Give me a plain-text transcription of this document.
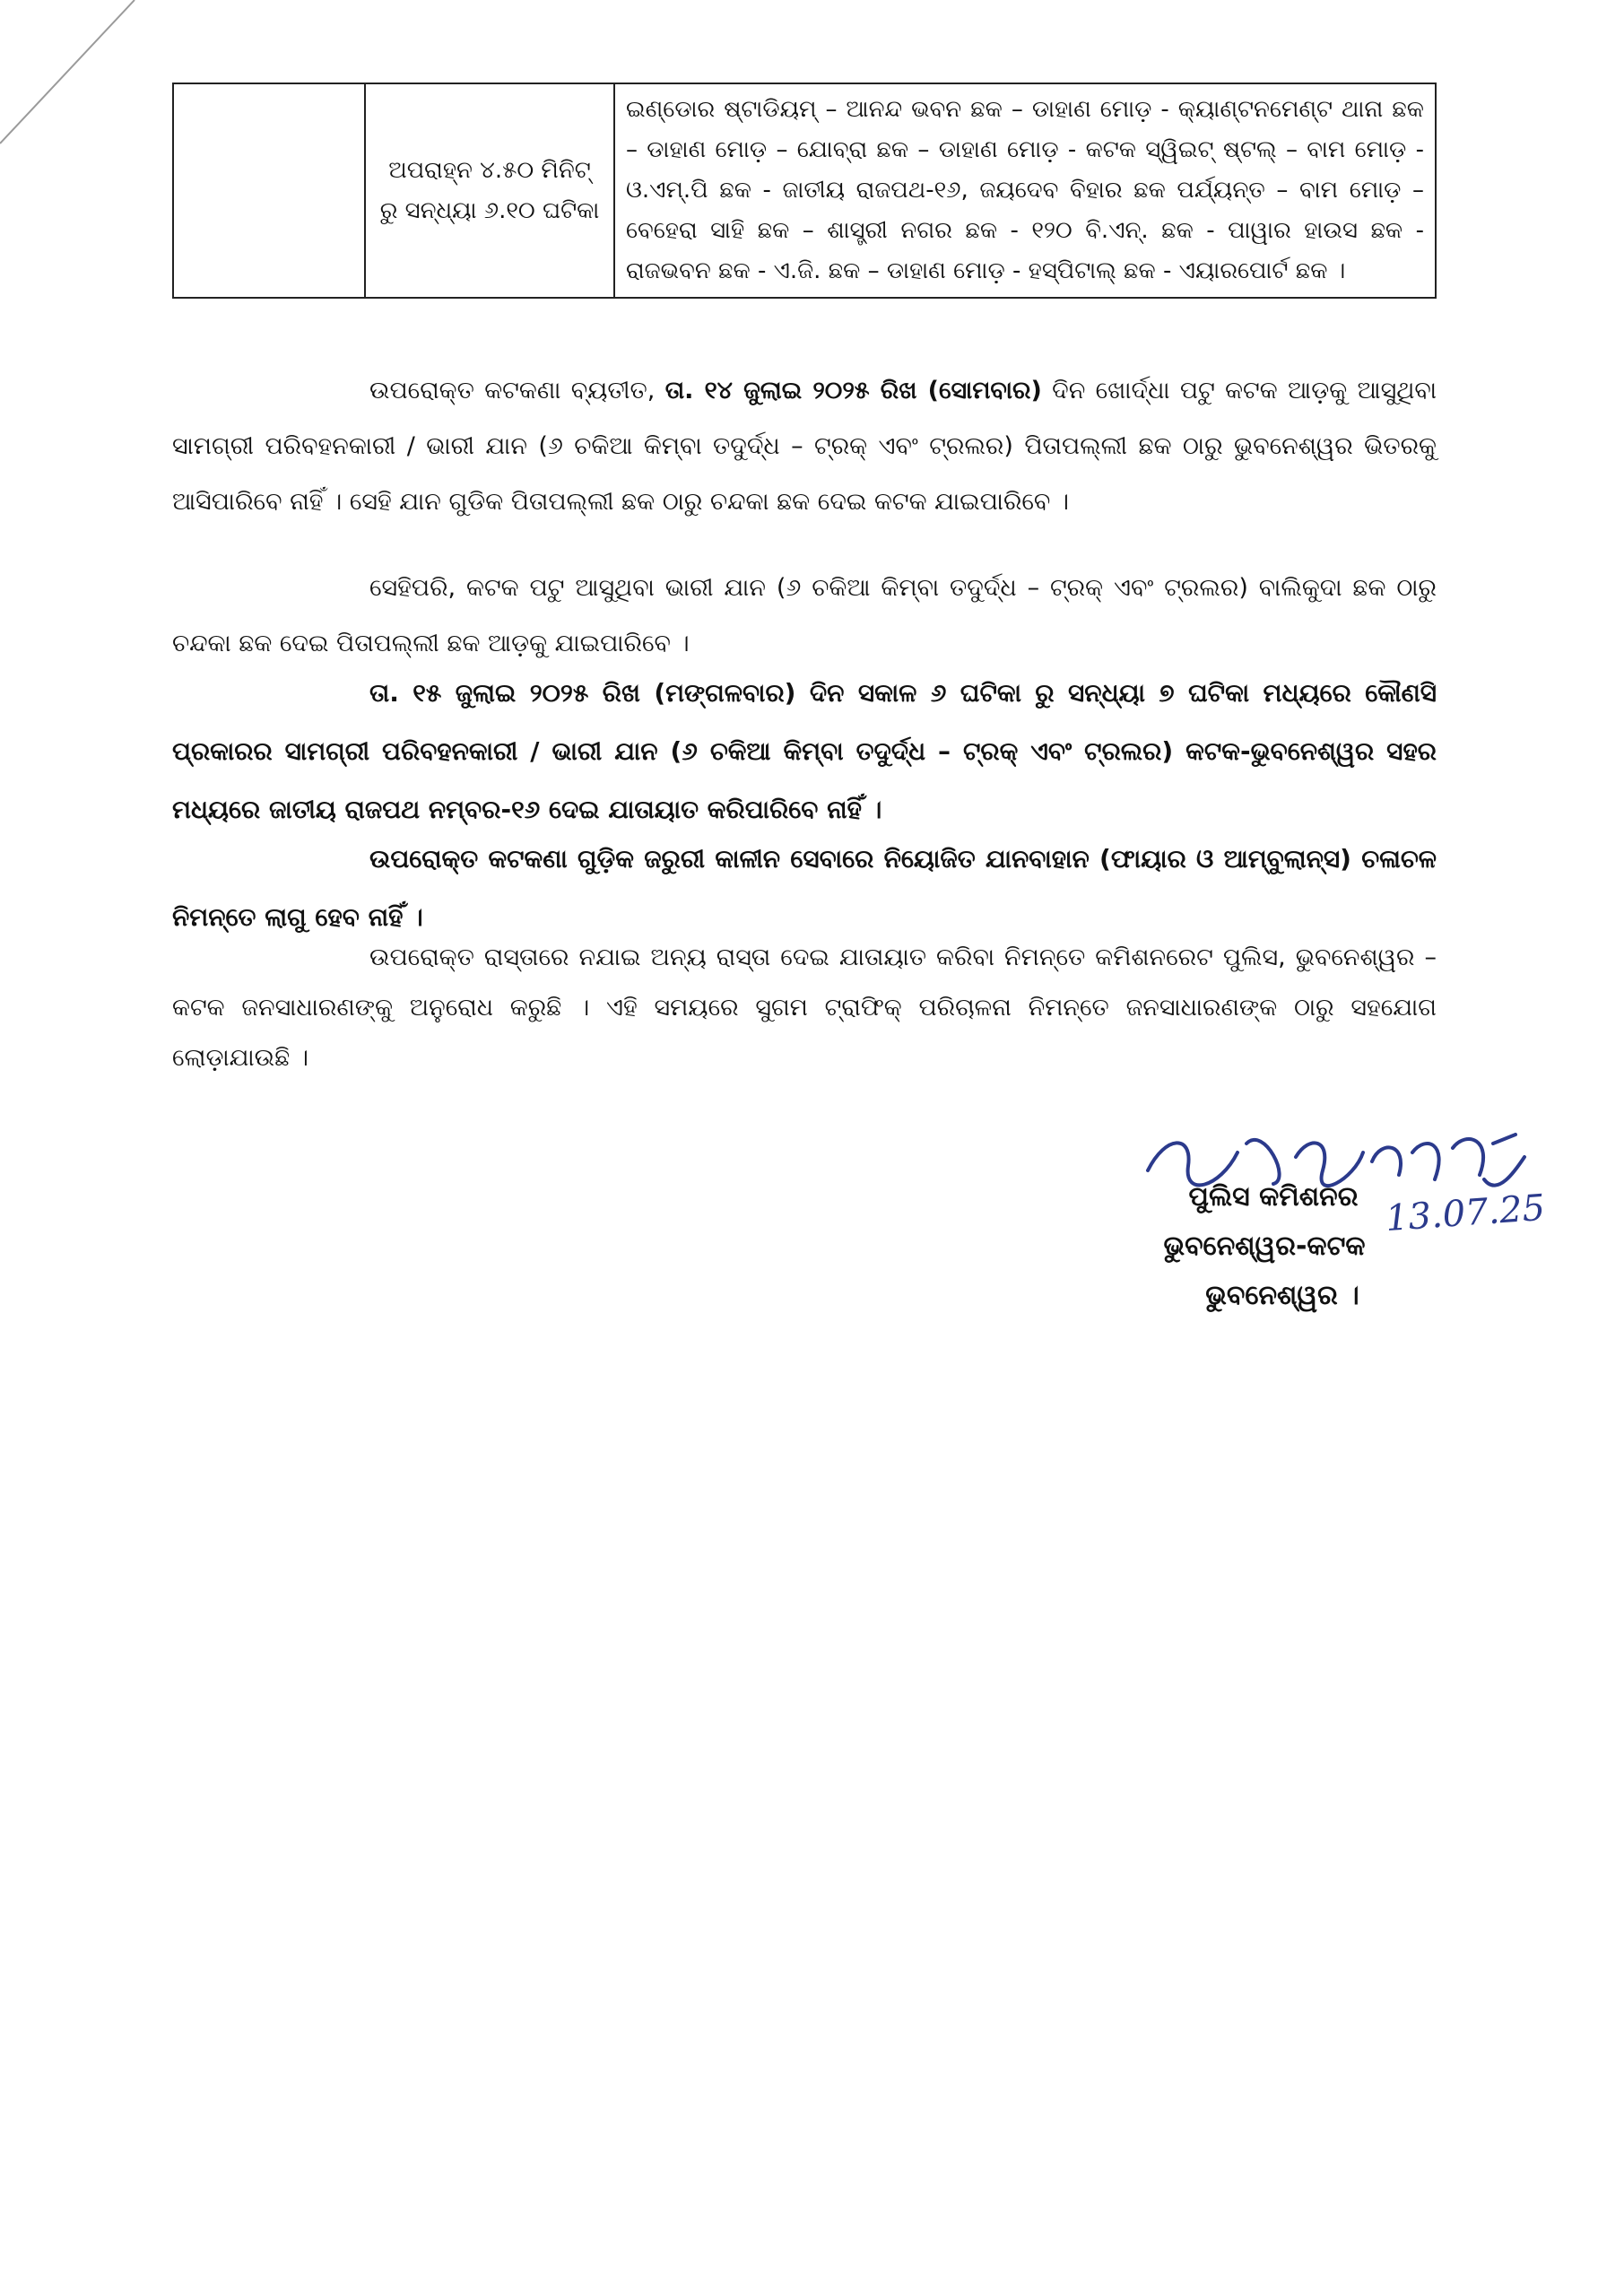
	ଅପରାହ୍ନ ୪.୫୦ ମିନିଟ୍ ରୁ ସନ୍ଧ୍ୟା ୬.୧୦ ଘଟିକା	ଇଣ୍ଡୋର ଷ୍ଟାଡିୟମ୍ – ଆନନ୍ଦ ଭବନ ଛକ – ଡାହାଣ ମୋଡ଼ - କ୍ୟାଣ୍ଟନମେଣ୍ଟ ଥାନା ଛକ – ଡାହାଣ ମୋଡ଼ – ଯୋବ୍ରା ଛକ – ଡାହାଣ ମୋଡ଼ - କଟକ ସ୍ୱିଇଟ୍ ଷ୍ଟଲ୍ – ବାମ ମୋଡ଼ - ଓ.ଏମ୍.ପି ଛକ - ଜାତୀୟ ରାଜପଥ-୧୬, ଜୟଦେବ ବିହାର ଛକ ପର୍ଯ୍ୟନ୍ତ – ବାମ ମୋଡ଼ – ବେହେରା ସାହି ଛକ – ଶାସ୍ତ୍ରୀ ନଗର ଛକ - ୧୨୦ ବି.ଏନ୍. ଛକ - ପାୱାର ହାଉସ ଛକ - ରାଜଭବନ ଛକ - ଏ.ଜି. ଛକ – ଡାହାଣ ମୋଡ଼ - ହସ୍ପିଟାଲ୍ ଛକ - ଏୟାରପୋର୍ଟ ଛକ ।

ଉପରୋକ୍ତ କଟକଣା ବ୍ୟତୀତ, ତା. ୧୪ ଜୁଲାଇ ୨୦୨୫ ରିଖ (ସୋମବାର) ଦିନ ଖୋର୍ଦ୍ଧା ପଟୁ କଟକ ଆଡ଼କୁ ଆସୁଥିବା ସାମଗ୍ରୀ ପରିବହନକାରୀ / ଭାରୀ ଯାନ (୬ ଚକିଆ କିମ୍ବା ତଦୁର୍ଦ୍ଧ – ଟ୍ରକ୍ ଏବଂ ଟ୍ରଲର) ପିତାପଲ୍ଲୀ ଛକ ଠାରୁ ଭୁବନେଶ୍ୱର ଭିତରକୁ ଆସିପାରିବେ ନାହିଁ । ସେହି ଯାନ ଗୁଡିକ ପିତାପଲ୍ଲୀ ଛକ ଠାରୁ ଚନ୍ଦକା ଛକ ଦେଇ କଟକ ଯାଇପାରିବେ ।

ସେହିପରି, କଟକ ପଟୁ ଆସୁଥିବା ଭାରୀ ଯାନ (୬ ଚକିଆ କିମ୍ବା ତଦୁର୍ଦ୍ଧ – ଟ୍ରକ୍ ଏବଂ ଟ୍ରଲର) ବାଲିକୁଦା ଛକ ଠାରୁ ଚନ୍ଦକା ଛକ ଦେଇ ପିତାପଲ୍ଲୀ ଛକ ଆଡ଼କୁ ଯାଇପାରିବେ ।

ତା. ୧୫ ଜୁଲାଇ ୨୦୨୫ ରିଖ (ମଙ୍ଗଳବାର) ଦିନ ସକାଳ ୬ ଘଟିକା ରୁ ସନ୍ଧ୍ୟା ୭ ଘଟିକା ମଧ୍ୟରେ କୌଣସି ପ୍ରକାରର ସାମଗ୍ରୀ ପରିବହନକାରୀ / ଭାରୀ ଯାନ (୬ ଚକିଆ କିମ୍ବା ତଦୁର୍ଦ୍ଧ – ଟ୍ରକ୍ ଏବଂ ଟ୍ରଲର) କଟକ-ଭୁବନେଶ୍ୱର ସହର ମଧ୍ୟରେ ଜାତୀୟ ରାଜପଥ ନମ୍ବର-୧୬ ଦେଇ ଯାତାୟାତ କରିପାରିବେ ନାହିଁ ।

ଉପରୋକ୍ତ କଟକଣା ଗୁଡ଼ିକ ଜରୁରୀ କାଳୀନ ସେବାରେ ନିୟୋଜିତ ଯାନବାହାନ (ଫାୟାର ଓ ଆମ୍ବୁଲାନ୍ସ) ଚଳାଚଳ ନିମନ୍ତେ ଲାଗୁ ହେବ ନାହିଁ ।

ଉପରୋକ୍ତ ରାସ୍ତାରେ ନଯାଇ ଅନ୍ୟ ରାସ୍ତା ଦେଇ ଯାତାୟାତ କରିବା ନିମନ୍ତେ କମିଶନରେଟ ପୁଲିସ, ଭୁବନେଶ୍ୱର – କଟକ ଜନସାଧାରଣଙ୍କୁ ଅନୁରୋଧ କରୁଛି । ଏହି ସମୟରେ ସୁଗମ ଟ୍ରାଫିକ୍ ପରିଚାଳନା ନିମନ୍ତେ ଜନସାଧାରଣଙ୍କ ଠାରୁ ସହଯୋଗ ଲୋଡ଼ାଯାଉଛି ।

13.07.25
ପୁଲିସ କମିଶନର
ଭୁବନେଶ୍ୱର-କଟକ
ଭୁବନେଶ୍ୱର ।
